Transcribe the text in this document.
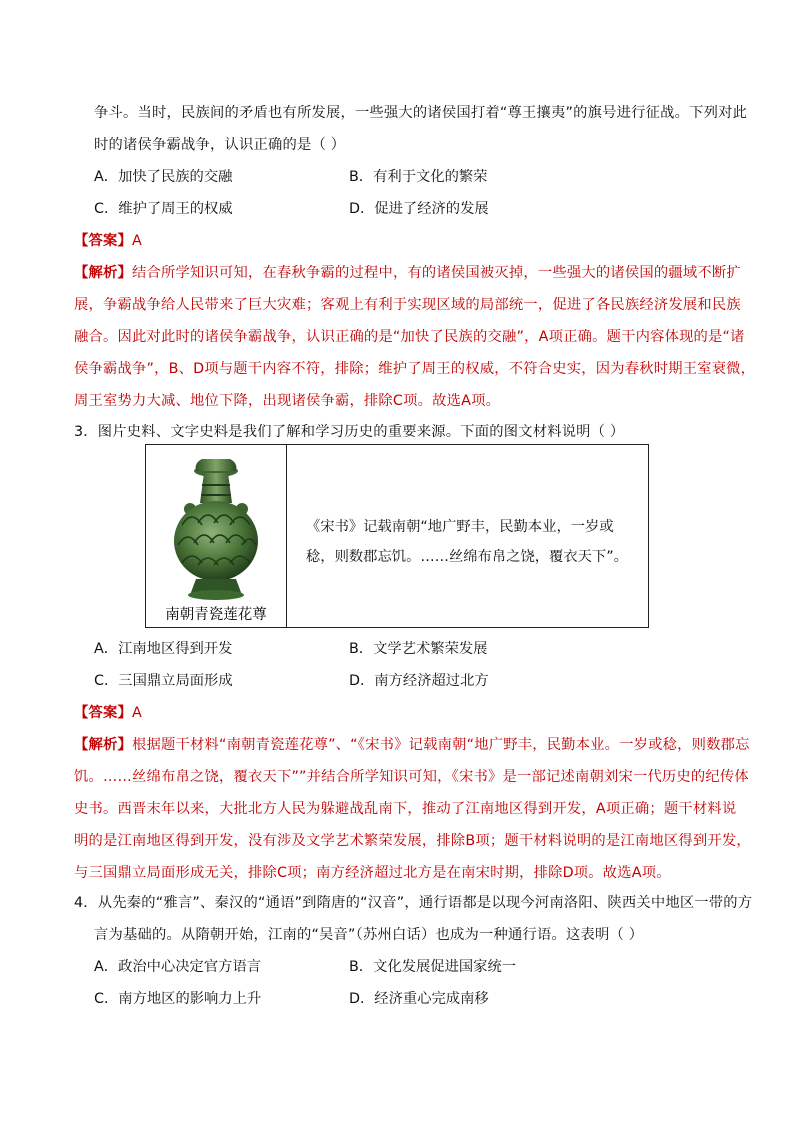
争斗。当时，民族间的矛盾也有所发展，一些强大的诸侯国打着“尊王攘夷”的旗号进行征战。下列对此
时的诸侯争霸战争，认识正确的是（ ）
A．加快了民族的交融	B．有利于文化的繁荣
C．维护了周王的权威	D．促进了经济的发展
【答案】A
【解析】结合所学知识可知，在春秋争霸的过程中，有的诸侯国被灭掉，一些强大的诸侯国的疆域不断扩
展，争霸战争给人民带来了巨大灾难；客观上有利于实现区域的局部统一，促进了各民族经济发展和民族
融合。因此对此时的诸侯争霸战争，认识正确的是“加快了民族的交融”，A项正确。题干内容体现的是“诸
侯争霸战争”，B、D项与题干内容不符，排除；维护了周王的权威，不符合史实，因为春秋时期王室衰微，
周王室势力大减、地位下降，出现诸侯争霸，排除C项。故选A项。
3．图片史料、文字史料是我们了解和学习历史的重要来源。下面的图文材料说明（ ）
南朝青瓷莲花尊
《宋书》记载南朝“地广野丰，民勤本业，一岁或稔，则数郡忘饥。……丝绵布帛之饶，覆衣天下”。
A．江南地区得到开发	B．文学艺术繁荣发展
C．三国鼎立局面形成	D．南方经济超过北方
【答案】A
【解析】根据题干材料“南朝青瓷莲花尊”、“《宋书》记载南朝“地广野丰，民勤本业。一岁或稔，则数郡忘
饥。……丝绵布帛之饶，覆衣天下””并结合所学知识可知，《宋书》是一部记述南朝刘宋一代历史的纪传体
史书。西晋末年以来，大批北方人民为躲避战乱南下，推动了江南地区得到开发，A项正确；题干材料说
明的是江南地区得到开发，没有涉及文学艺术繁荣发展，排除B项；题干材料说明的是江南地区得到开发，
与三国鼎立局面形成无关，排除C项；南方经济超过北方是在南宋时期，排除D项。故选A项。
4．从先秦的“雅言”、秦汉的“通语”到隋唐的“汉音”，通行语都是以现今河南洛阳、陕西关中地区一带的方
言为基础的。从隋朝开始，江南的“吴音”（苏州白话）也成为一种通行语。这表明（ ）
A．政治中心决定官方语言	B．文化发展促进国家统一
C．南方地区的影响力上升	D．经济重心完成南移
